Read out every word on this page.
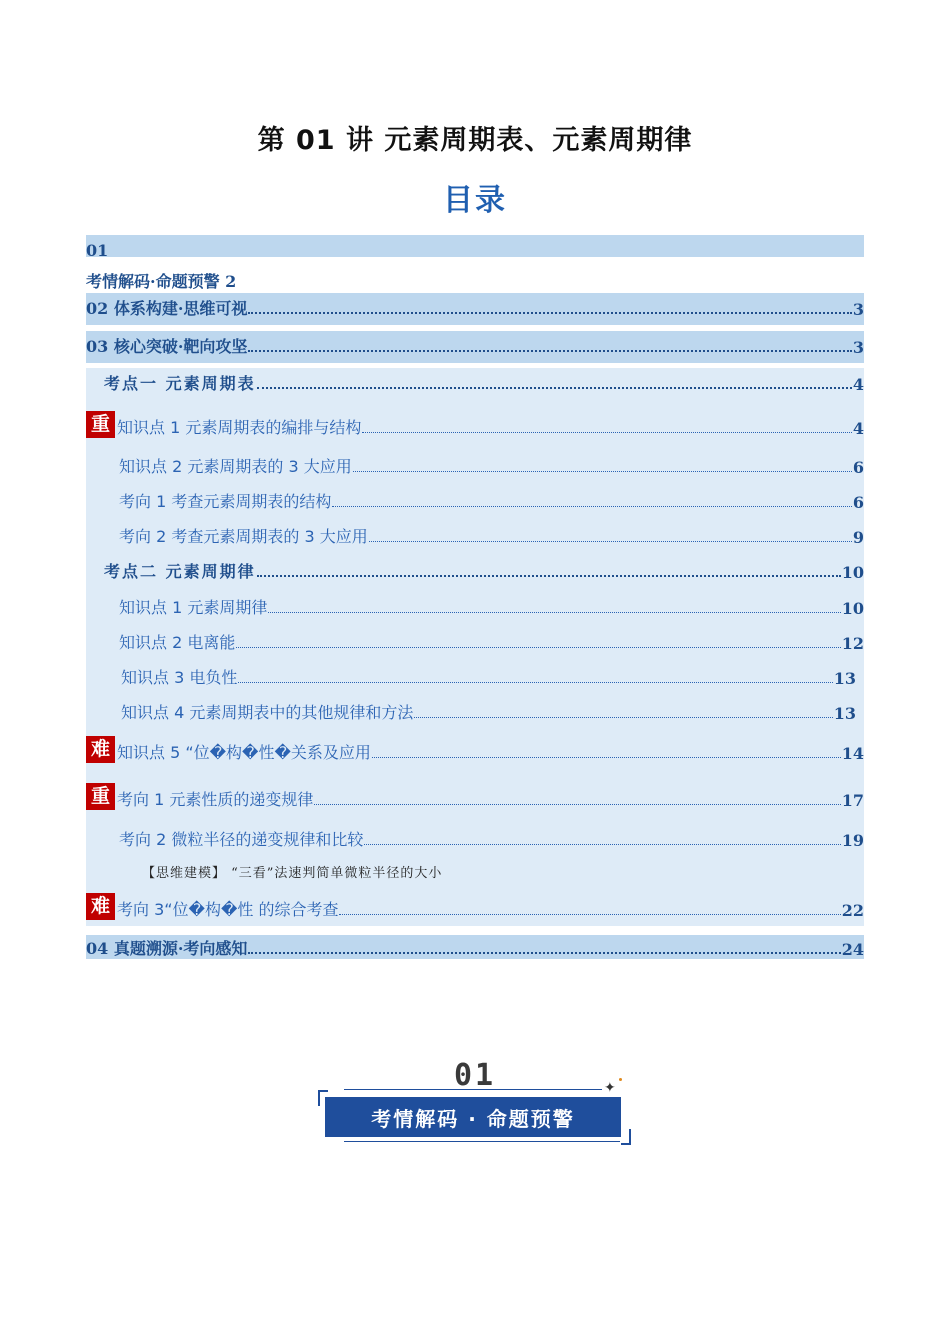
第 01 讲 元素周期表、元素周期律
目录
01
考情解码·命题预警 2
02 体系构建·思维可视	3
03 核心突破·靶向攻坚	3
考点一 元素周期表	4
重 知识点 1 元素周期表的编排与结构	4
知识点 2 元素周期表的 3 大应用	6
考向 1 考查元素周期表的结构	6
考向 2 考查元素周期表的 3 大应用	9
考点二 元素周期律	10
知识点 1 元素周期律	10
知识点 2 电离能	12
知识点 3 电负性	13
知识点 4 元素周期表中的其他规律和方法	13
难 知识点 5 “位�构�性�关系及应用	14
重 考向 1 元素性质的递变规律	17
考向 2 微粒半径的递变规律和比较	19
【思维建模】 “三看”法速判简单微粒半径的大小
难 考向 3“位�构�性 的综合考查	22
04 真题溯源·考向感知	24
01
考情解码 · 命题预警
✦
